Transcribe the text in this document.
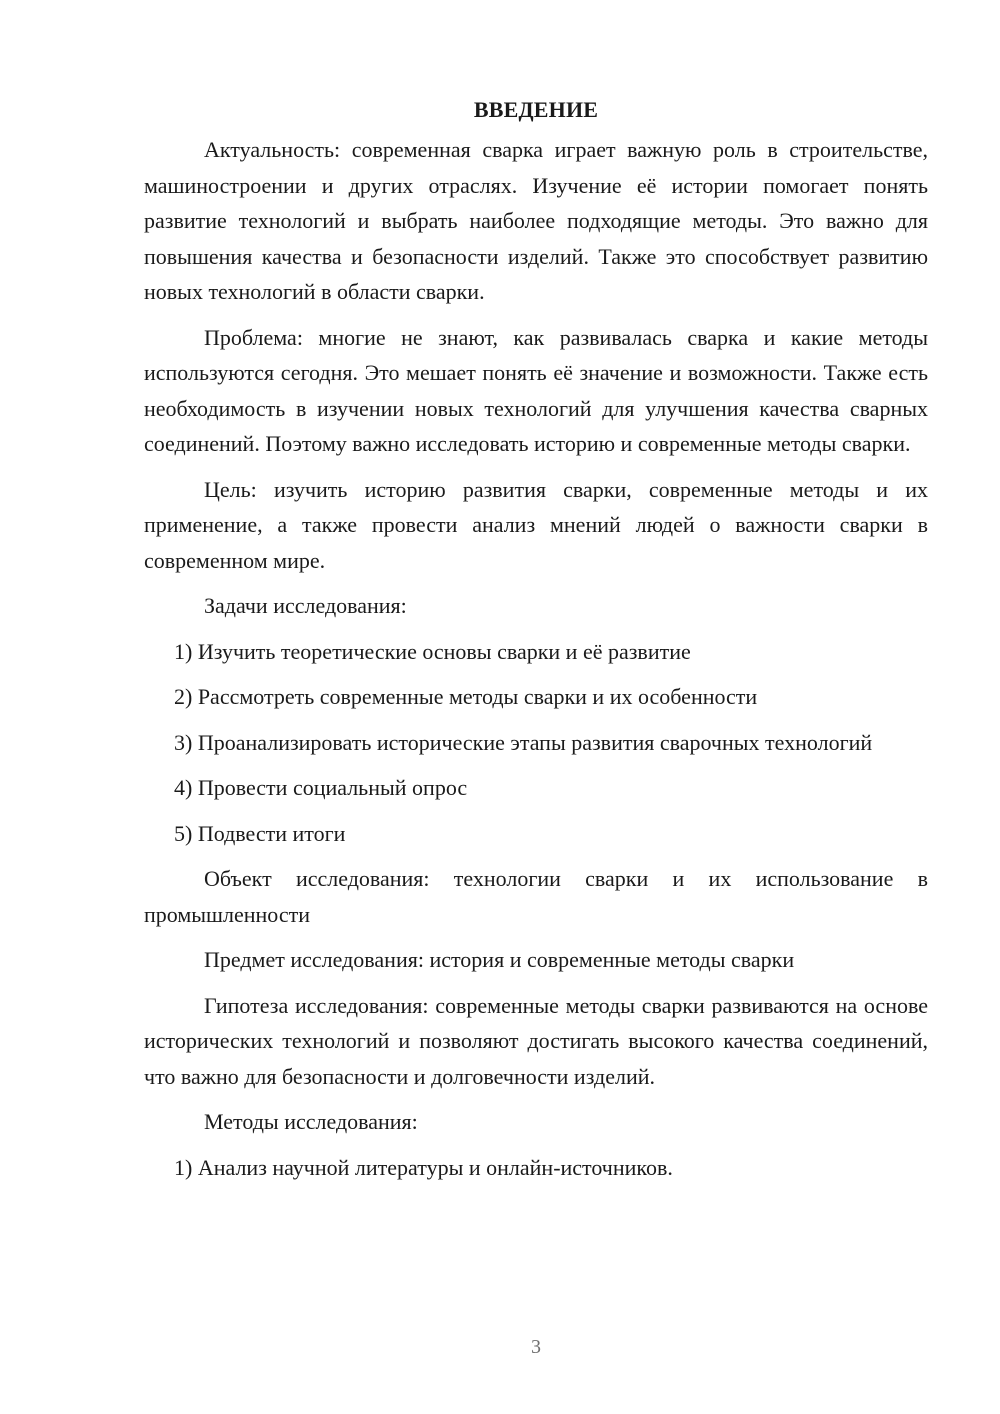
ВВЕДЕНИЕ

Актуальность: современная сварка играет важную роль в строительстве, машиностроении и других отраслях. Изучение её истории помогает понять развитие технологий и выбрать наиболее подходящие методы. Это важно для повышения качества и безопасности изделий. Также это способствует развитию новых технологий в области сварки.

Проблема: многие не знают, как развивалась сварка и какие методы используются сегодня. Это мешает понять её значение и возможности. Также есть необходимость в изучении новых технологий для улучшения качества сварных соединений. Поэтому важно исследовать историю и современные методы сварки.

Цель: изучить историю развития сварки, современные методы и их применение, а также провести анализ мнений людей о важности сварки в современном мире.

Задачи исследования:

1) Изучить теоретические основы сварки и её развитие

2) Рассмотреть современные методы сварки и их особенности

3) Проанализировать исторические этапы развития сварочных технологий

4) Провести социальный опрос

5) Подвести итоги

Объект исследования: технологии сварки и их использование в промышленности

Предмет исследования: история и современные методы сварки

Гипотеза исследования: современные методы сварки развиваются на основе исторических технологий и позволяют достигать высокого качества соединений, что важно для безопасности и долговечности изделий.

Методы исследования:

1) Анализ научной литературы и онлайн-источников.

3
